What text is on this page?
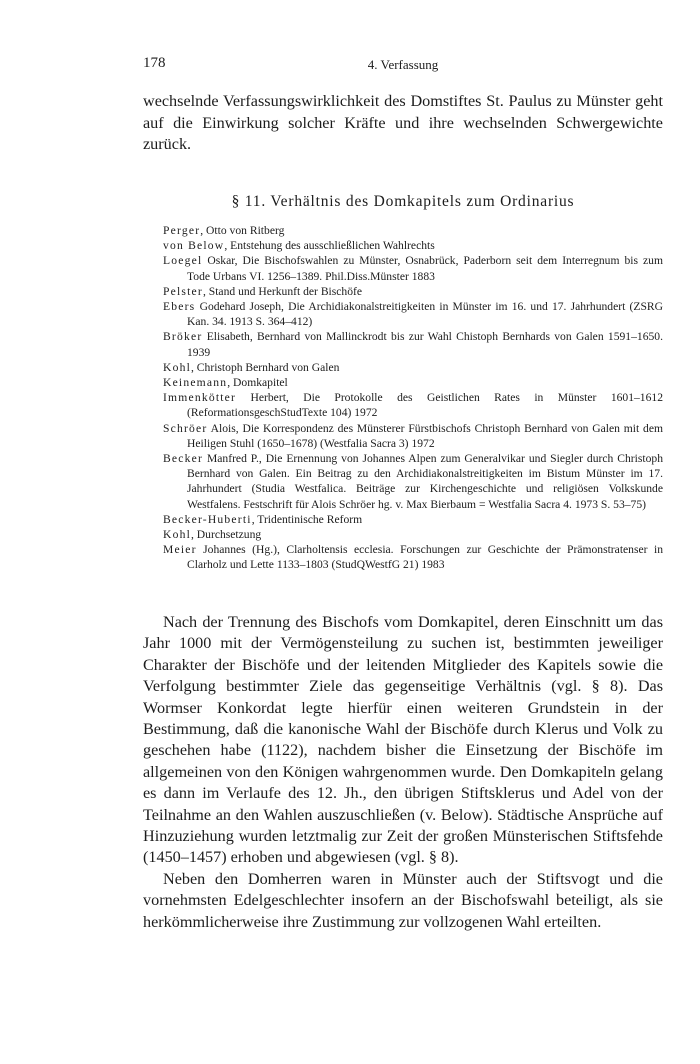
178	4. Verfassung
wechselnde Verfassungswirklichkeit des Domstiftes St. Paulus zu Münster geht auf die Einwirkung solcher Kräfte und ihre wechselnden Schwergewichte zurück.
§ 11. Verhältnis des Domkapitels zum Ordinarius
Perger, Otto von Ritberg
von Below, Entstehung des ausschließlichen Wahlrechts
Loegel Oskar, Die Bischofswahlen zu Münster, Osnabrück, Paderborn seit dem Interregnum bis zum Tode Urbans VI. 1256–1389. Phil.Diss.Münster 1883
Pelster, Stand und Herkunft der Bischöfe
Ebers Godehard Joseph, Die Archidiakonalstreitigkeiten in Münster im 16. und 17. Jahrhundert (ZSRG Kan. 34. 1913 S. 364–412)
Bröker Elisabeth, Bernhard von Mallinckrodt bis zur Wahl Chistoph Bernhards von Galen 1591–1650. 1939
Kohl, Christoph Bernhard von Galen
Keinemann, Domkapitel
Immenkötter Herbert, Die Protokolle des Geistlichen Rates in Münster 1601–1612 (ReformationsgeschStudTexte 104) 1972
Schröer Alois, Die Korrespondenz des Münsterer Fürstbischofs Christoph Bernhard von Galen mit dem Heiligen Stuhl (1650–1678) (Westfalia Sacra 3) 1972
Becker Manfred P., Die Ernennung von Johannes Alpen zum Generalvikar und Siegler durch Christoph Bernhard von Galen. Ein Beitrag zu den Archidiakonalstreitigkeiten im Bistum Münster im 17. Jahrhundert (Studia Westfalica. Beiträge zur Kirchengeschichte und religiösen Volkskunde Westfalens. Festschrift für Alois Schröer hg. v. Max Bierbaum = Westfalia Sacra 4. 1973 S. 53–75)
Becker-Huberti, Tridentinische Reform
Kohl, Durchsetzung
Meier Johannes (Hg.), Clarholtensis ecclesia. Forschungen zur Geschichte der Prämonstratenser in Clarholz und Lette 1133–1803 (StudQWestfG 21) 1983

Nach der Trennung des Bischofs vom Domkapitel, deren Einschnitt um das Jahr 1000 mit der Vermögensteilung zu suchen ist, bestimmten jeweiliger Charakter der Bischöfe und der leitenden Mitglieder des Kapitels sowie die Verfolgung bestimmter Ziele das gegenseitige Verhältnis (vgl. § 8). Das Wormser Konkordat legte hierfür einen weiteren Grundstein in der Bestimmung, daß die kanonische Wahl der Bischöfe durch Klerus und Volk zu geschehen habe (1122), nachdem bisher die Einsetzung der Bischöfe im allgemeinen von den Königen wahrgenommen wurde. Den Domkapiteln gelang es dann im Verlaufe des 12. Jh., den übrigen Stiftsklerus und Adel von der Teilnahme an den Wahlen auszuschließen (v. Below). Städtische Ansprüche auf Hinzuziehung wurden letztmalig zur Zeit der großen Münsterischen Stiftsfehde (1450–1457) erhoben und abgewiesen (vgl. § 8).

Neben den Domherren waren in Münster auch der Stiftsvogt und die vornehmsten Edelgeschlechter insofern an der Bischofswahl beteiligt, als sie herkömmlicherweise ihre Zustimmung zur vollzogenen Wahl erteilten.
